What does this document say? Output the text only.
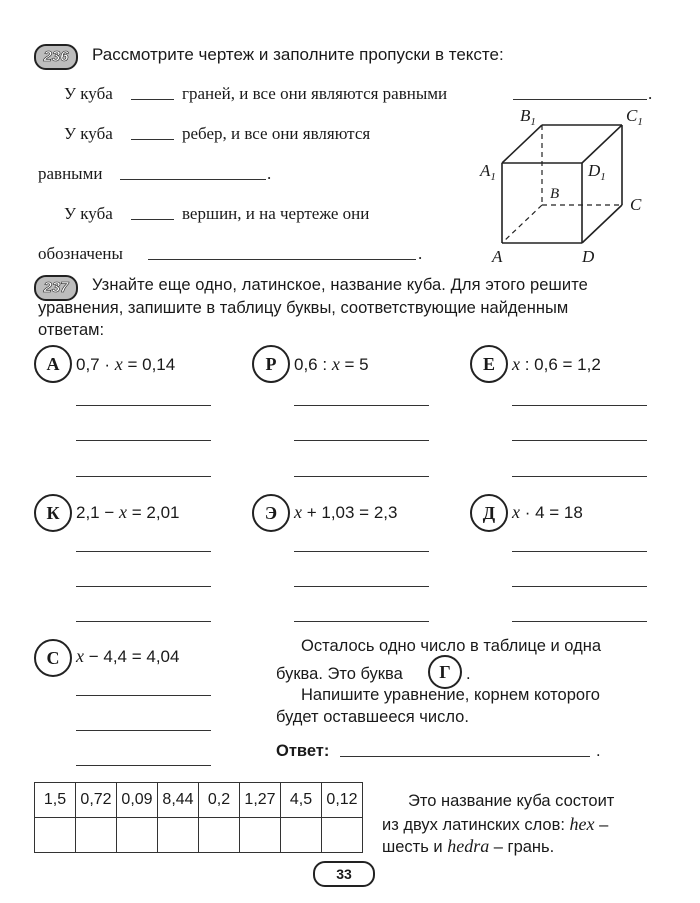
236	Рассмотрите чертеж и заполните пропуски в тексте:
У куба	граней, и все они являются равными	.
У куба	ребер, и все они являются
равными	.
У куба	вершин, и на чертеже они
обозначены	.
$B_1$	$C_1$
$A_1$	$D_1$
B
C
A	D
237	Узнайте еще одно, латинское, название куба. Для этого решите
уравнения, запишите в таблицу буквы, соответствующие найденным
ответам:
А 0,7 · x = 0,14	Р	0,6 : x = 5	Е x : 0,6 = 1,2
К 2,1 − x = 2,01	Э x + 1,03 = 2,3	Д x · 4 = 18
С x − 4,4 = 4,04
Осталось одно число в таблице и одна
буква. Это буква	Г .
Напишите уравнение, корнем которого
будет оставшееся число.
Ответ:	.
1,5	0,72	0,09	8,44	0,2	1,27	4,5	0,12
								Это название куба состоит
из двух латинских слов: hex –
шесть и hedra – грань.
33
